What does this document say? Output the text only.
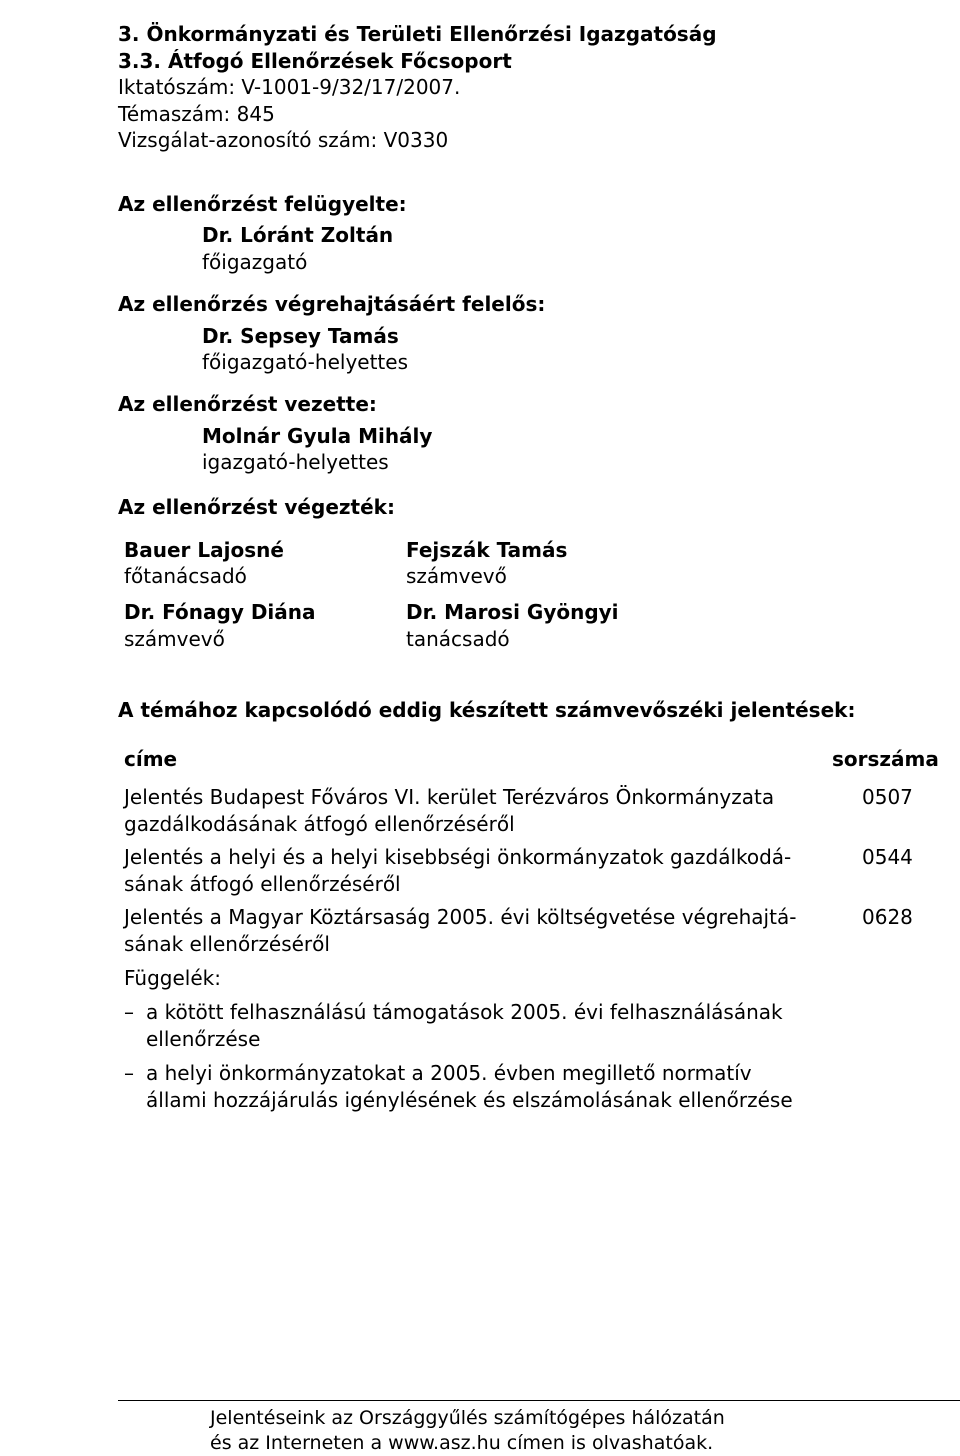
3. Önkormányzati és Területi Ellenőrzési Igazgatóság
3.3. Átfogó Ellenőrzések Főcsoport
Iktatószám: V-1001-9/32/17/2007.
Témaszám: 845
Vizsgálat-azonosító szám: V0330
Az ellenőrzést felügyelte:
Dr. Lóránt Zoltán
főigazgató
Az ellenőrzés végrehajtásáért felelős:
Dr. Sepsey Tamás
főigazgató-helyettes
Az ellenőrzést vezette:
Molnár Gyula Mihály
igazgató-helyettes
Az ellenőrzést végezték:
Bauer Lajosné
főtanácsadó
Fejszák Tamás
számvevő
Dr. Fónagy Diána
számvevő
Dr. Marosi Gyöngyi
tanácsadó
A témához kapcsolódó eddig készített számvevőszéki jelentések:
címe	sorszáma
Jelentés Budapest Főváros VI. kerület Terézváros Önkormányzata
gazdálkodásának átfogó ellenőrzéséről
0507
Jelentés a helyi és a helyi kisebbségi önkormányzatok gazdálkodá-
sának átfogó ellenőrzéséről
0544
Jelentés a Magyar Köztársaság 2005. évi költségvetése végrehajtá-
sának ellenőrzéséről
0628
Függelék:
– a kötött felhasználású támogatások 2005. évi felhasználásának
ellenőrzése
– a helyi önkormányzatokat a 2005. évben megillető normatív
állami hozzájárulás igénylésének és elszámolásának ellenőrzése
Jelentéseink az Országgyűlés számítógépes hálózatán
és az Interneten a www.asz.hu címen is olvashatóak.
